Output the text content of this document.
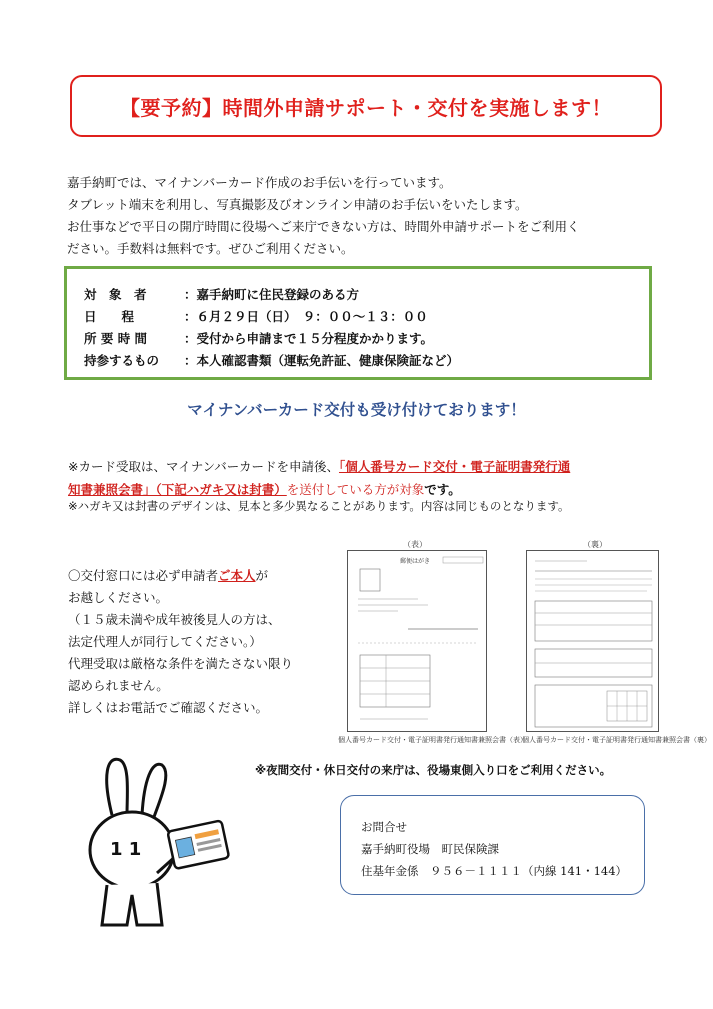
【要予約】時間外申請サポート・交付を実施します！

嘉手納町では、マイナンバーカード作成のお手伝いを行っています。

タブレット端末を利用し、写真撮影及びオンライン申請のお手伝いをいたします。

お仕事などで平日の開庁時間に役場へご来庁できない方は、時間外申請サポートをご利用く

ださい。手数料は無料です。ぜひご利用ください。

対　象　者	：嘉手納町に住民登録のある方
日　　程	：６月２９日（日）　９：００～１３：００
所 要 時 間	：受付から申請まで１５分程度かかります。
持参するもの ：本人確認書類（運転免許証、健康保険証など）
マイナンバーカード交付も受け付けております！
※カード受取は、マイナンバーカードを申請後、「個人番号カード交付・電子証明書発行通
知書兼照会書」（下記ハガキ又は封書）を送付している方が対象です。
※ハガキ又は封書のデザインは、見本と多少異なることがあります。内容は同じものとなります。
〇交付窓口には必ず申請者ご本人が
お越しください。
（１５歳未満や成年被後見人の方は、
法定代理人が同行してください。）
代理受取は厳格な条件を満たさない限り
認められません。
詳しくはお電話でご確認ください。
（表）
郵便はがき
個人番号カード交付・電子証明書発行通知書兼照会書（表）
（裏）
個人番号カード交付・電子証明書発行通知書兼照会書（裏）
※夜間交付・休日交付の来庁は、役場東側入り口をご利用ください。
1 1
お問合せ
嘉手納町役場　町民保険課
住基年金係　９５６－１１１１（内線 141・144）
